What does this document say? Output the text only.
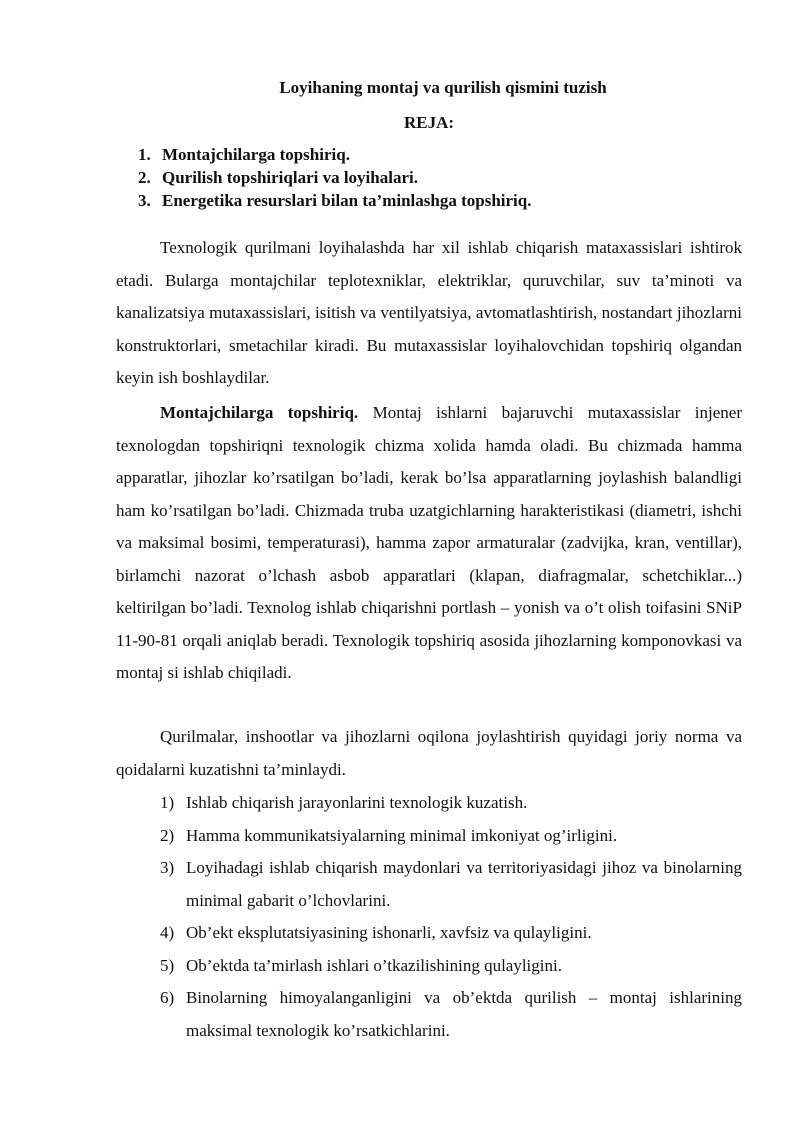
Loyihaning montaj va qurilish qismini tuzish
REJA:
1. Montajchilarga topshiriq.
2. Qurilish topshiriqlari va loyihalari.
3. Energetika resurslari bilan ta’minlashga topshiriq.

Texnologik qurilmani loyihalashda har xil ishlab chiqarish mataxassislari ishtirok etadi. Bularga montajchilar teplotexniklar, elektriklar, quruvchilar, suv ta’minoti va kanalizatsiya mutaxassislari, isitish va ventilyatsiya, avtomatlashtirish, nostandart jihozlarni konstruktorlari, smetachilar kiradi. Bu mutaxassislar loyihalovchidan topshiriq olgandan keyin ish boshlaydilar.

Montajchilarga topshiriq. Montaj ishlarni bajaruvchi mutaxassislar injener texnologdan topshiriqni texnologik chizma xolida hamda oladi. Bu chizmada hamma apparatlar, jihozlar ko’rsatilgan bo’ladi, kerak bo’lsa apparatlarning joylashish balandligi ham ko’rsatilgan bo’ladi. Chizmada truba uzatgichlarning harakteristikasi (diametri, ishchi va maksimal bosimi, temperaturasi), hamma zapor armaturalar (zadvijka, kran, ventillar), birlamchi nazorat o’lchash asbob apparatlari (klapan, diafragmalar, schetchiklar...) keltirilgan bo’ladi. Texnolog ishlab chiqarishni portlash – yonish va o’t olish toifasini SNiP 11-90-81 orqali aniqlab beradi. Texnologik topshiriq asosida jihozlarning komponovkasi va montaj si ishlab chiqiladi.

Qurilmalar, inshootlar va jihozlarni oqilona joylashtirish quyidagi joriy norma va qoidalarni kuzatishni ta’minlaydi.

1) Ishlab chiqarish jarayonlarini texnologik kuzatish.
2) Hamma kommunikatsiyalarning minimal imkoniyat og’irligini.
3) Loyihadagi ishlab chiqarish maydonlari va territoriyasidagi jihoz va binolarning minimal gabarit o’lchovlarini.
4) Ob’ekt eksplutatsiyasining ishonarli, xavfsiz va qulayligini.
5) Ob’ektda ta’mirlash ishlari o’tkazilishining qulayligini.
6) Binolarning himoyalanganligini va ob’ektda qurilish – montaj ishlarining maksimal texnologik ko’rsatkichlarini.
